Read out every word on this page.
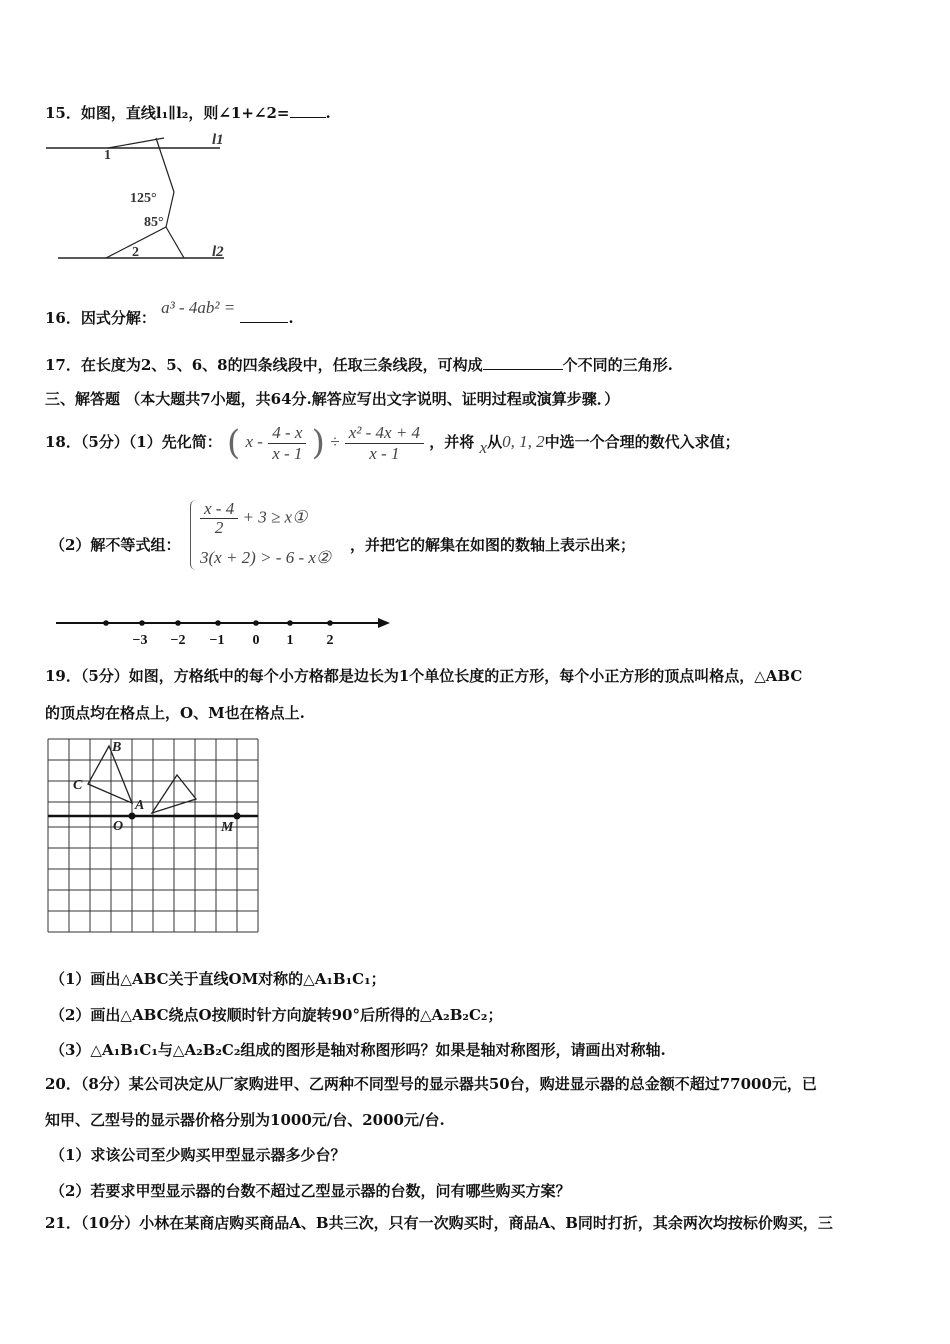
15．如图，直线l₁∥l₂，则∠1+∠2= .
l1
l2
1
2
125°
85°
16．因式分解： a³ - 4ab² = .
17．在长度为2、5、6、8的四条线段中，任取三条线段，可构成	个不同的三角形.
三、解答题 （本大题共7小题，共64分.解答应写出文字说明、证明过程或演算步骤．）
18．（5分）（1）先化简： ( x - $\frac{4 - x}{x - 1}$ ) ÷ $\frac{\text{x² - 4x + 4}}{x - 1}$ ，并将 x从0, 1, 2中选一个合理的数代入求值；
（2）解不等式组：
$\frac{x - 4}{2} + 3$ ≥ x①
3(x + 2) > - 6 - x②
，并把它的解集在如图的数轴上表示出来；
−3 −2 −1 0 1 2
19．（5分）如图，方格纸中的每个小方格都是边长为1个单位长度的正方形，每个小正方形的顶点叫格点，△ABC
的顶点均在格点上，O、M也在格点上.
B
C
A
O	M
（1）画出△ABC关于直线OM对称的△A₁B₁C₁；
（2）画出△ABC绕点O按顺时针方向旋转90°后所得的△A₂B₂C₂；
（3）△A₁B₁C₁与△A₂B₂C₂组成的图形是轴对称图形吗？如果是轴对称图形，请画出对称轴.
20．（8分）某公司决定从厂家购进甲、乙两种不同型号的显示器共50台，购进显示器的总金额不超过77000元，已
知甲、乙型号的显示器价格分别为1000元/台、2000元/台.
（1）求该公司至少购买甲型显示器多少台？
（2）若要求甲型显示器的台数不超过乙型显示器的台数，问有哪些购买方案？
21．（10分）小林在某商店购买商品A、B共三次，只有一次购买时，商品A、B同时打折，其余两次均按标价购买，三
